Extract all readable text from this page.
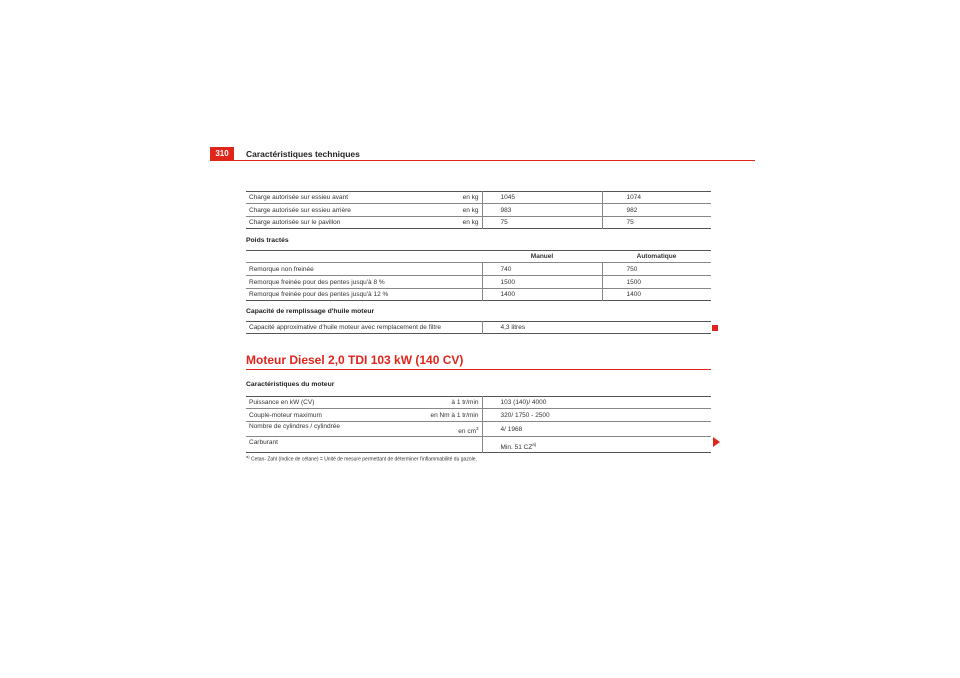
310	Caractéristiques techniques
Charge autorisée sur essieu avant en kg	1045	1074

Charge autorisée sur essieu arrière en kg	983	982

Charge autorisée sur le pavillon en kg	75	75
Poids tractés
	Manuel	Automatique
Remorque non freinée	740	750
Remorque freinée pour des pentes jusqu'à 8 %	1500	1500
Remorque freinée pour des pentes jusqu'à 12 %	1400	1400
Capacité de remplissage d'huile moteur
Capacité approximative d'huile moteur avec remplacement de filtre	4,3 litres
Moteur Diesel 2,0 TDI 103 kW (140 CV)
Caractéristiques du moteur
Puissance en kW (CV) à 1 tr/min	103 (140)/ 4000

Couple-moteur maximum en Nm à 1 tr/min	320/ 1750 - 2500

Nombre de cylindres / cylindrée
en $cm^3$	4/ 1968
Carburant	Min. 51 CZ$^{a)}$
$^{a)}$ Cetan- Zahl (índice de cétane) = Unité de mesure permettant de déterminer l'inflammabilité du gazole.
